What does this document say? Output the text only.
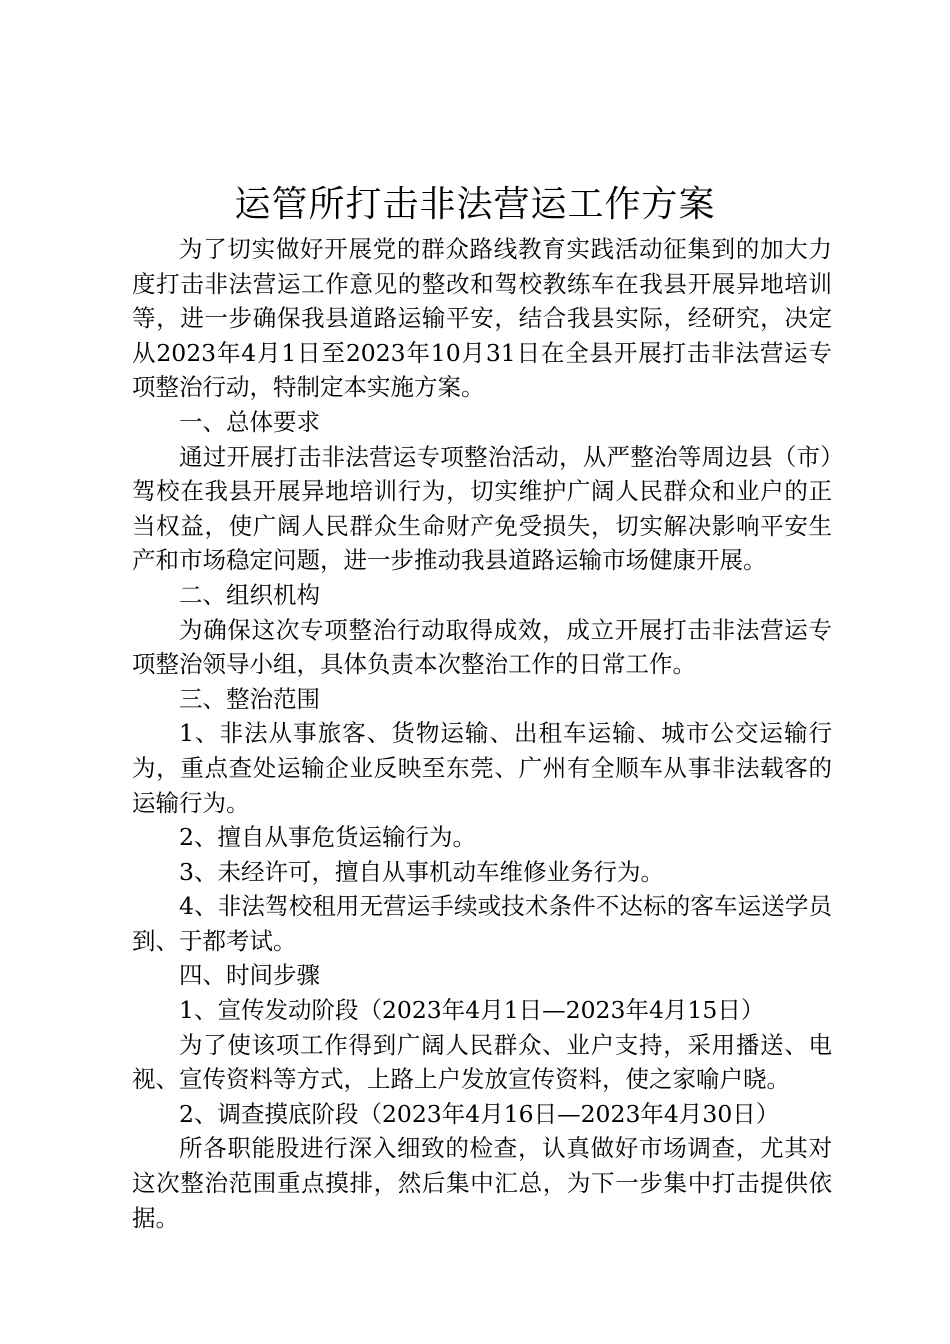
运管所打击非法营运工作方案

为了切实做好开展党的群众路线教育实践活动征集到的加大力度打击非法营运工作意见的整改和驾校教练车在我县开展异地培训等，进一步确保我县道路运输平安，结合我县实际，经研究，决定从2023年4月1日至2023年10月31日在全县开展打击非法营运专项整治行动，特制定本实施方案。

一、总体要求

通过开展打击非法营运专项整治活动，从严整治等周边县（市）驾校在我县开展异地培训行为，切实维护广阔人民群众和业户的正当权益，使广阔人民群众生命财产免受损失，切实解决影响平安生产和市场稳定问题，进一步推动我县道路运输市场健康开展。

二、组织机构

为确保这次专项整治行动取得成效，成立开展打击非法营运专项整治领导小组，具体负责本次整治工作的日常工作。

三、整治范围

1、非法从事旅客、货物运输、出租车运输、城市公交运输行为，重点查处运输企业反映至东莞、广州有全顺车从事非法载客的运输行为。

2、擅自从事危货运输行为。

3、未经许可，擅自从事机动车维修业务行为。

4、非法驾校租用无营运手续或技术条件不达标的客车运送学员到、于都考试。

四、时间步骤

1、宣传发动阶段（2023年4月1日—2023年4月15日）

为了使该项工作得到广阔人民群众、业户支持，采用播送、电视、宣传资料等方式，上路上户发放宣传资料，使之家喻户晓。

2、调查摸底阶段（2023年4月16日—2023年4月30日）

所各职能股进行深入细致的检查，认真做好市场调查，尤其对这次整治范围重点摸排，然后集中汇总，为下一步集中打击提供依据。
